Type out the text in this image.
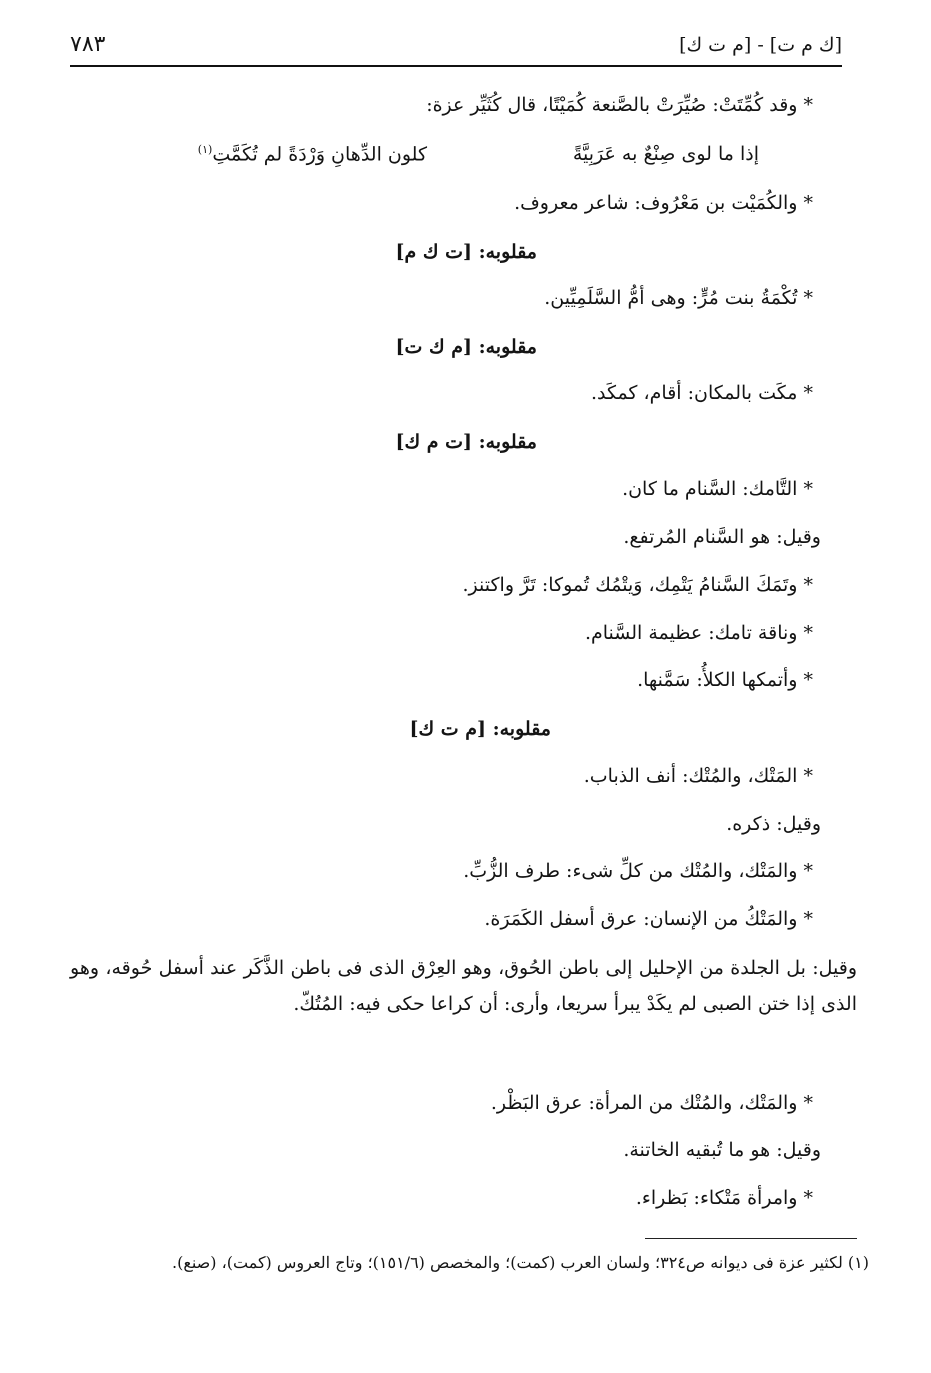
٧٨٣	[ك م ت] - [م ت ك]
* وقد كُمِّتَتْ: صُيِّرَتْ بالصَّنعة كُمَيْتًا، قال كُثَيِّر عزة:
إذا ما لوى صِنْعٌ به عَرَبِيَّةً
كلون الدِّهانِ وَرْدَةً لم تُكَمَّتِ$^{(١)}$
* والكُمَيْت بن مَعْرُوف: شاعر معروف.
مقلوبه: [ت ك م]
* تُكْمَةُ بنت مُرٍّ: وهى أمُّ السَّلَمِيِّين.
مقلوبه: [م ك ت]
* مكَت بالمكان: أقام، كمكَد.
مقلوبه: [ت م ك]
* التَّامك: السَّنام ما كان.
وقيل: هو السَّنام المُرتفع.
* وتَمَكَ السَّنامُ يَتْمِك، وَيتْمُك تُموكا: تَرَّ واكتنز.
* وناقة تامك: عظيمة السَّنام.
* وأتمكها الكلأُ: سَمَّنها.
مقلوبه: [م ت ك]
* المَتْك، والمُتْك: أنف الذباب.
وقيل: ذكره.
* والمَتْك، والمُتْك من كلِّ شىء: طرف الزُّبِّ.
* والمَتْكُ من الإنسان: عرق أسفل الكَمَرَة.
وقيل: بل الجلدة من الإحليل إلى باطن الحُوق، وهو العِرْق الذى فى باطن الذَّكَر عند أسفل حُوقه، وهو الذى إذا ختن الصبى لم يكَدْ يبرأ سريعا، وأرى: أن كراعا حكى فيه: المُتُكّ.
* والمَتْك، والمُتْك من المرأة: عرق البَظْر.
وقيل: هو ما تُبقيه الخاتنة.
* وامرأة مَتْكاء: بَظراء.
(١) لكثير عزة فى ديوانه ص٣٢٤؛ ولسان العرب (كمت)؛ والمخصص (١٥١/٦)؛ وتاج العروس (كمت)، (صنع).
